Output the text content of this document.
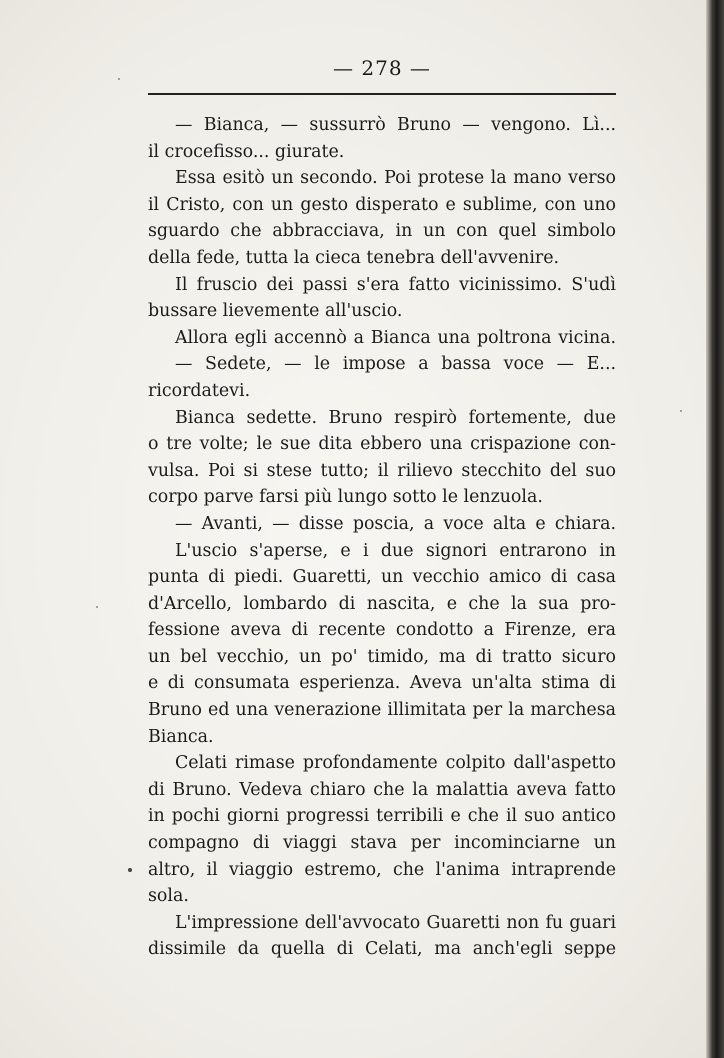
— 278 —
— Bianca, — sussurrò Bruno — vengono. Lì...
il crocefisso... giurate.
Essa esitò un secondo. Poi protese la mano verso
il Cristo, con un gesto disperato e sublime, con uno
sguardo che abbracciava, in un con quel simbolo
della fede, tutta la cieca tenebra dell'avvenire.
Il fruscio dei passi s'era fatto vicinissimo. S'udì
bussare lievemente all'uscio.
Allora egli accennò a Bianca una poltrona vicina.
— Sedete, — le impose a bassa voce — E...
ricordatevi.
Bianca sedette. Bruno respirò fortemente, due
o tre volte; le sue dita ebbero una crispazione con-
vulsa. Poi si stese tutto; il rilievo stecchito del suo
corpo parve farsi più lungo sotto le lenzuola.
— Avanti, — disse poscia, a voce alta e chiara.
L'uscio s'aperse, e i due signori entrarono in
punta di piedi. Guaretti, un vecchio amico di casa
d'Arcello, lombardo di nascita, e che la sua pro-
fessione aveva di recente condotto a Firenze, era
un bel vecchio, un po' timido, ma di tratto sicuro
e di consumata esperienza. Aveva un'alta stima di
Bruno ed una venerazione illimitata per la marchesa
Bianca.
Celati rimase profondamente colpito dall'aspetto
di Bruno. Vedeva chiaro che la malattia aveva fatto
in pochi giorni progressi terribili e che il suo antico
compagno di viaggi stava per incominciarne un
altro, il viaggio estremo, che l'anima intraprende
sola.
L'impressione dell'avvocato Guaretti non fu guari
dissimile da quella di Celati, ma anch'egli seppe
